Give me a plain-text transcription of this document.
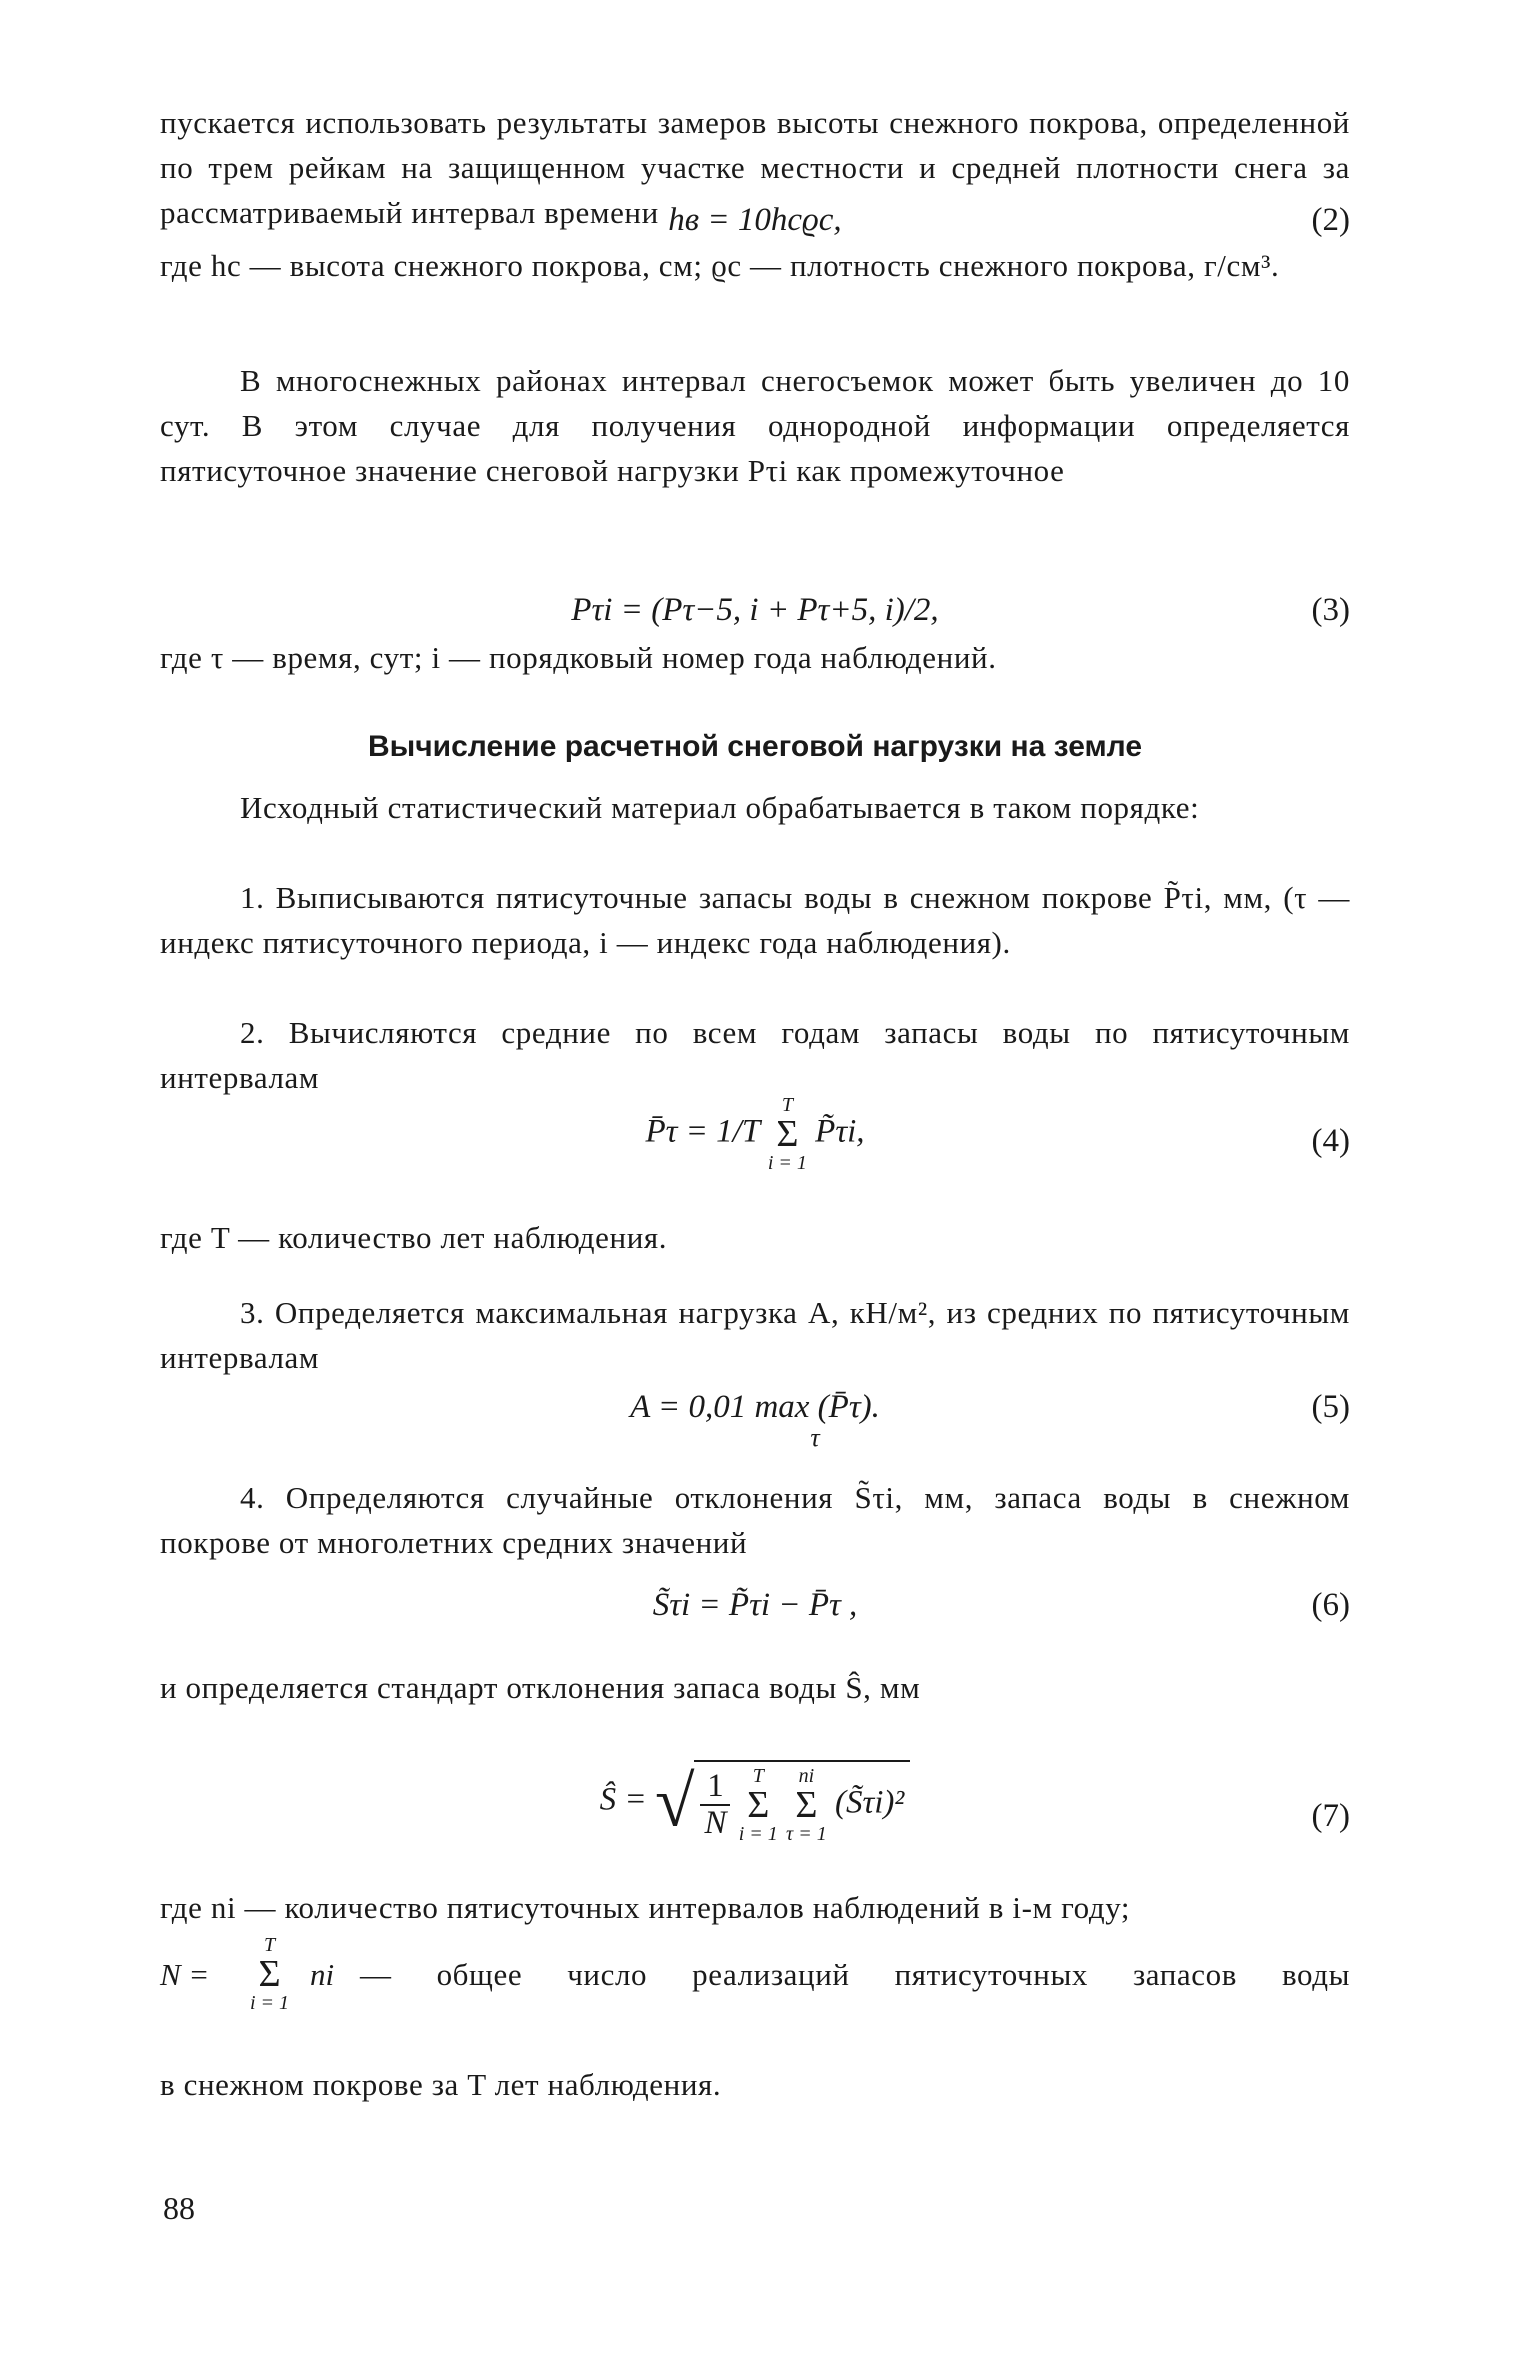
пускается использовать результаты замеров высоты снежного покрова, определенной по трем рейкам на защищенном участке местности и средней плотности снега за рассматриваемый интервал времени hв = 10hсϱс,	(2)

где hс — высота снежного покрова, см; ϱс — плотность снежного покрова, г/см³.

В многоснежных районах интервал снегосъемок может быть увеличен до 10 сут. В этом случае для получения однородной информации определяется пятисуточное значение снеговой нагрузки Pτi как промежуточное

Pτi = (Pτ−5, i + Pτ+5, i)/2,	(3)

где τ — время, сут; i — порядковый номер года наблюдений.

Вычисление расчетной снеговой нагрузки на земле

Исходный статистический материал обрабатывается в таком порядке:

1. Выписываются пятисуточные запасы воды в снежном покрове P̃τi, мм, (τ — индекс пятисуточного периода, i — индекс года наблюдения).

2. Вычисляются средние по всем годам запасы воды по пятисуточным интервалам

P̄τ = 1/T
T
Σ
i = 1
P̃τi,	(4)

где T — количество лет наблюдения.

3. Определяется максимальная нагрузка A, кН/м², из средних по пятисуточным интервалам

A = 0,01 max (P̄τ).
τ
(5)

4. Определяются случайные отклонения S̃τi, мм, запаса воды в снежном покрове от многолетних средних значений

S̃τi = P̃τi − P̄τ ,	(6)

и определяется стандарт отклонения запаса воды Ŝ, мм

Ŝ = √ $\frac{1}{N}$
	T
Σ
i = 1

ni
Σ
τ = 1
(S̃τi)²	(7)

где ni — количество пятисуточных интервалов наблюдений в i-м году;

N =
T
Σ
i = 1
ni — общее число реализаций пятисуточных запасов воды

в снежном покрове за T лет наблюдения.

88
